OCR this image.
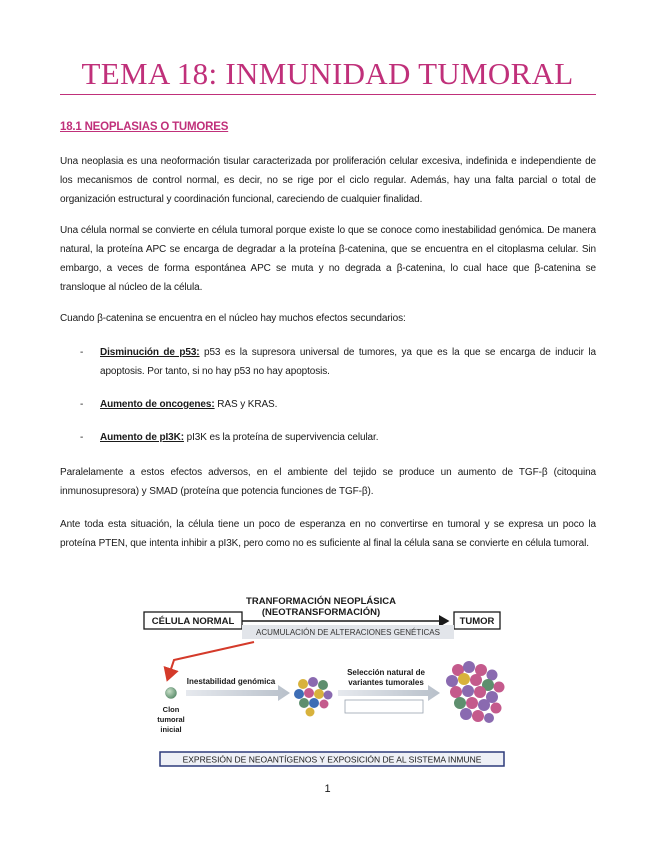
TEMA 18: INMUNIDAD TUMORAL
18.1 NEOPLASIAS O TUMORES
Una neoplasia es una neoformación tisular caracterizada por proliferación celular excesiva, indefinida e independiente de los mecanismos de control normal, es decir, no se rige por el ciclo regular. Además, hay una falta parcial o total de organización estructural y coordinación funcional, careciendo de cualquier finalidad.
Una célula normal se convierte en célula tumoral porque existe lo que se conoce como inestabilidad genómica. De manera natural, la proteína APC se encarga de degradar a la proteína β-catenina, que se encuentra en el citoplasma celular. Sin embargo, a veces de forma espontánea APC se muta y no degrada a β-catenina, lo cual hace que β-catenina se transloque al núcleo de la célula.
Cuando β-catenina se encuentra en el núcleo hay muchos efectos secundarios:
- Disminución de p53: p53 es la supresora universal de tumores, ya que es la que se encarga de inducir la apoptosis. Por tanto, si no hay p53 no hay apoptosis.
- Aumento de oncogenes: RAS y KRAS.
- Aumento de pI3K: pI3K es la proteína de supervivencia celular.
Paralelamente a estos efectos adversos, en el ambiente del tejido se produce un aumento de TGF-β (citoquina inmunosupresora) y SMAD (proteína que potencia funciones de TGF-β).
Ante toda esta situación, la célula tiene un poco de esperanza en no convertirse en tumoral y se expresa un poco la proteína PTEN, que intenta inhibir a pI3K, pero como no es suficiente al final la célula sana se convierte en célula tumoral.
TRANFORMACIÓN NEOPLÁSICA
(NEOTRANSFORMACIÓN)
CÉLULA NORMAL	TUMOR
ACUMULACIÓN DE ALTERACIONES GENÉTICAS
Clon
tumoral
inicial
Inestabilidad genómica
Selección natural de
variantes tumorales
EXPRESIÓN DE NEOANTÍGENOS Y EXPOSICIÓN DE AL SISTEMA INMUNE
1
